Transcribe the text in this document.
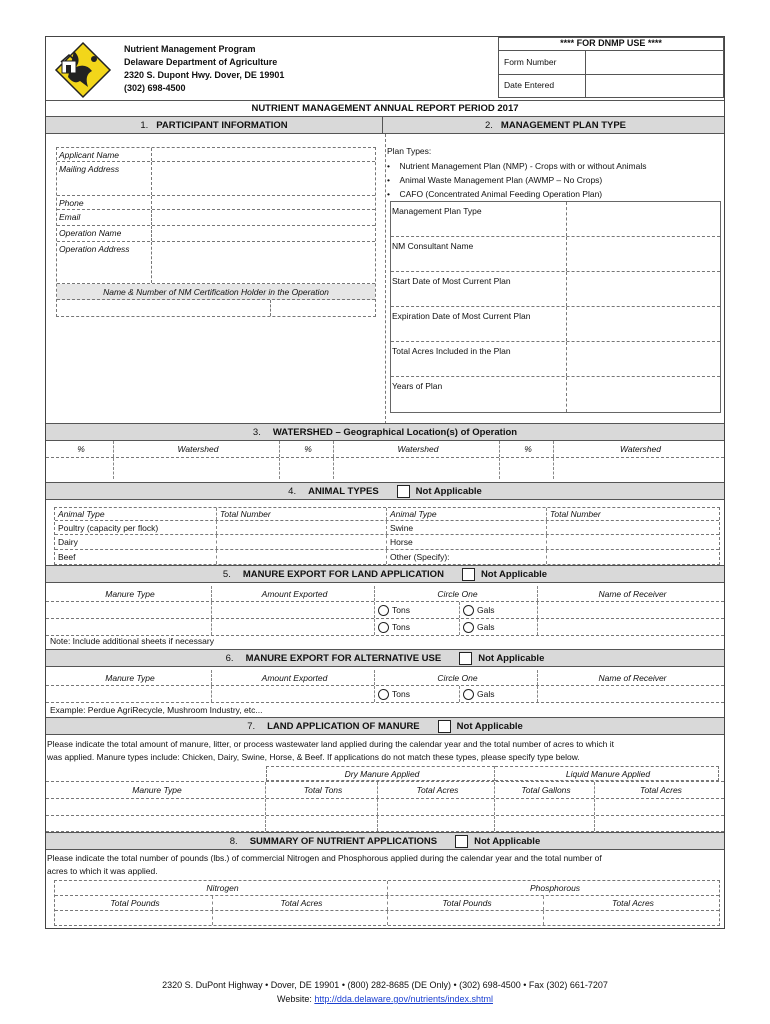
Nutrient Management Program
Delaware Department of Agriculture
2320 S. Dupont Hwy. Dover, DE 19901
(302) 698-4500
**** FOR DNMP USE ****
Form Number
Date Entered
NUTRIENT MANAGEMENT ANNUAL REPORT PERIOD 2017
1. PARTICIPANT INFORMATION	2. MANAGEMENT PLAN TYPE
Applicant Name
Mailing Address
Phone
Email
Operation Name
Operation Address
Name & Number of NM Certification Holder in the Operation
Plan Types:
•    Nutrient Management Plan (NMP) - Crops with or without Animals
•    Animal Waste Management Plan (AWMP – No Crops)
•    CAFO (Concentrated Animal Feeding Operation Plan)
Management Plan Type
NM Consultant Name
Start Date of Most Current Plan
Expiration Date of Most Current Plan
Total Acres Included in the Plan
Years of Plan
3. WATERSHED – Geographical Location(s) of Operation
%	Watershed	%	Watershed	%	Watershed
4. ANIMAL TYPES	Not Applicable
Animal Type	Total Number	Animal Type	Total Number
Poultry (capacity per flock)	Swine
Dairy	Horse
Beef	Other (Specify):
5. MANURE EXPORT FOR LAND APPLICATION	Not Applicable
Manure Type	Amount Exported	Circle One	Name of Receiver
Tons	Gals
Tons	Gals
Note: Include additional sheets if necessary
6. MANURE EXPORT FOR ALTERNATIVE USE	Not Applicable
Manure Type	Amount Exported	Circle One	Name of Receiver
Tons	Gals
Example: Perdue AgriRecycle, Mushroom Industry, etc...
7. LAND APPLICATION OF MANURE	Not Applicable
Please indicate the total amount of manure, litter, or process wastewater land applied during the calendar year and the total number of acres to which it
was applied. Manure types include: Chicken, Dairy, Swine, Horse, & Beef. If applications do not match these types, please specify type below.
Dry Manure Applied	Liquid Manure Applied
Manure Type	Total Tons	Total Acres	Total Gallons	Total Acres
8. SUMMARY OF NUTRIENT APPLICATIONS	Not Applicable
Please indicate the total number of pounds (lbs.) of commercial Nitrogen and Phosphorous applied during the calendar year and the total number of
acres to which it was applied.
Nitrogen	Phosphorous
Total Pounds	Total Acres	Total Pounds	Total Acres
2320 S. DuPont Highway • Dover, DE 19901 • (800) 282-8685 (DE Only) • (302) 698-4500 • Fax (302) 661-7207
Website: http://dda.delaware.gov/nutrients/index.shtml
